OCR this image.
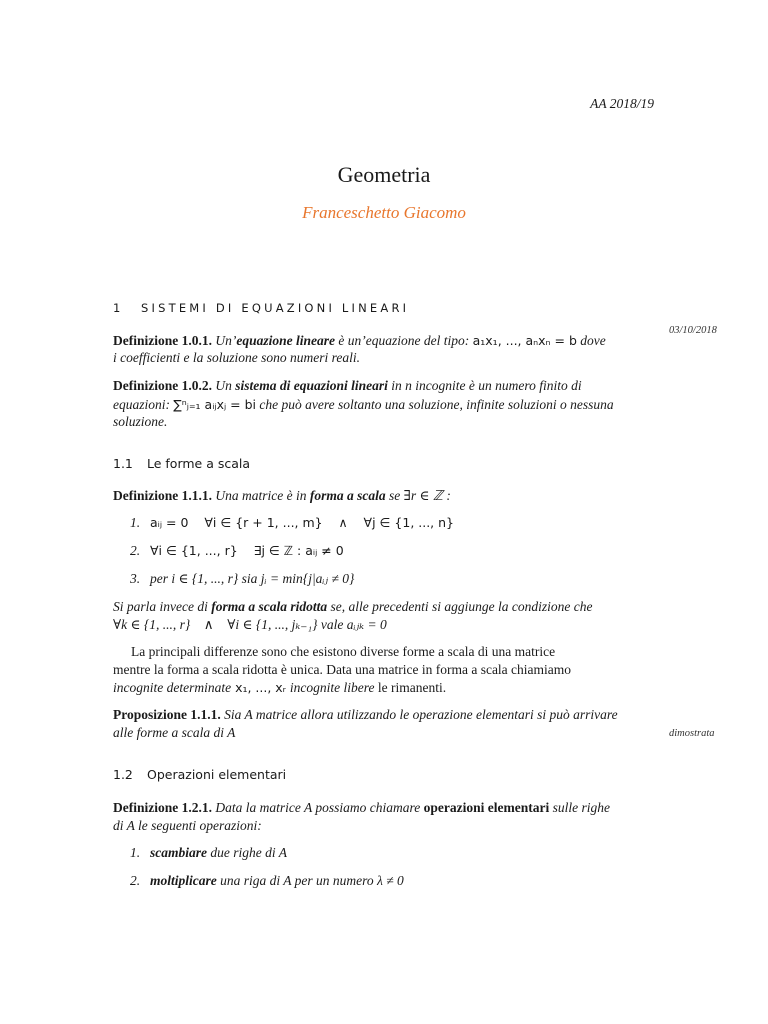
AA 2018/19
Geometria
Franceschetto Giacomo
1 SISTEMI DI EQUAZIONI LINEARI
03/10/2018
Definizione 1.0.1. Un’equazione lineare è un’equazione del tipo: a₁x₁, ..., aₙxₙ = b dove
i coefficienti e la soluzione sono numeri reali.
Definizione 1.0.2. Un sistema di equazioni lineari in n incognite è un numero finito di
equazioni: ∑ⁿⱼ₌₁ aᵢⱼxⱼ = bi che può avere soltanto una soluzione, infinite soluzioni o nessuna
soluzione.
1.1 Le forme a scala
Definizione 1.1.1. Una matrice è in forma a scala se ∃r ∈ ℤ :
1. aᵢⱼ = 0    ∀i ∈ {r + 1, ..., m}    ∧    ∀j ∈ {1, ..., n}
2. ∀i ∈ {1, ..., r}    ∃j ∈ ℤ : aᵢⱼ ≠ 0
3. per i ∈ {1, ..., r} sia jᵢ = min{j|aᵢⱼ ≠ 0}
Si parla invece di forma a scala ridotta se, alle precedenti si aggiunge la condizione che
∀k ∈ {1, ..., r}    ∧    ∀i ∈ {1, ..., jₖ₋₁} vale aᵢⱼₖ = 0
La principali differenze sono che esistono diverse forme a scala di una matrice
mentre la forma a scala ridotta è unica. Data una matrice in forma a scala chiamiamo
incognite determinate x₁, ..., xᵣ incognite libere le rimanenti.
Proposizione 1.1.1. Sia A matrice allora utilizzando le operazione elementari si può arrivare
alle forme a scala di A	dimostrata
1.2 Operazioni elementari
Definizione 1.2.1. Data la matrice A possiamo chiamare operazioni elementari sulle righe
di A le seguenti operazioni:
1. scambiare due righe di A
2. moltiplicare una riga di A per un numero λ ≠ 0
